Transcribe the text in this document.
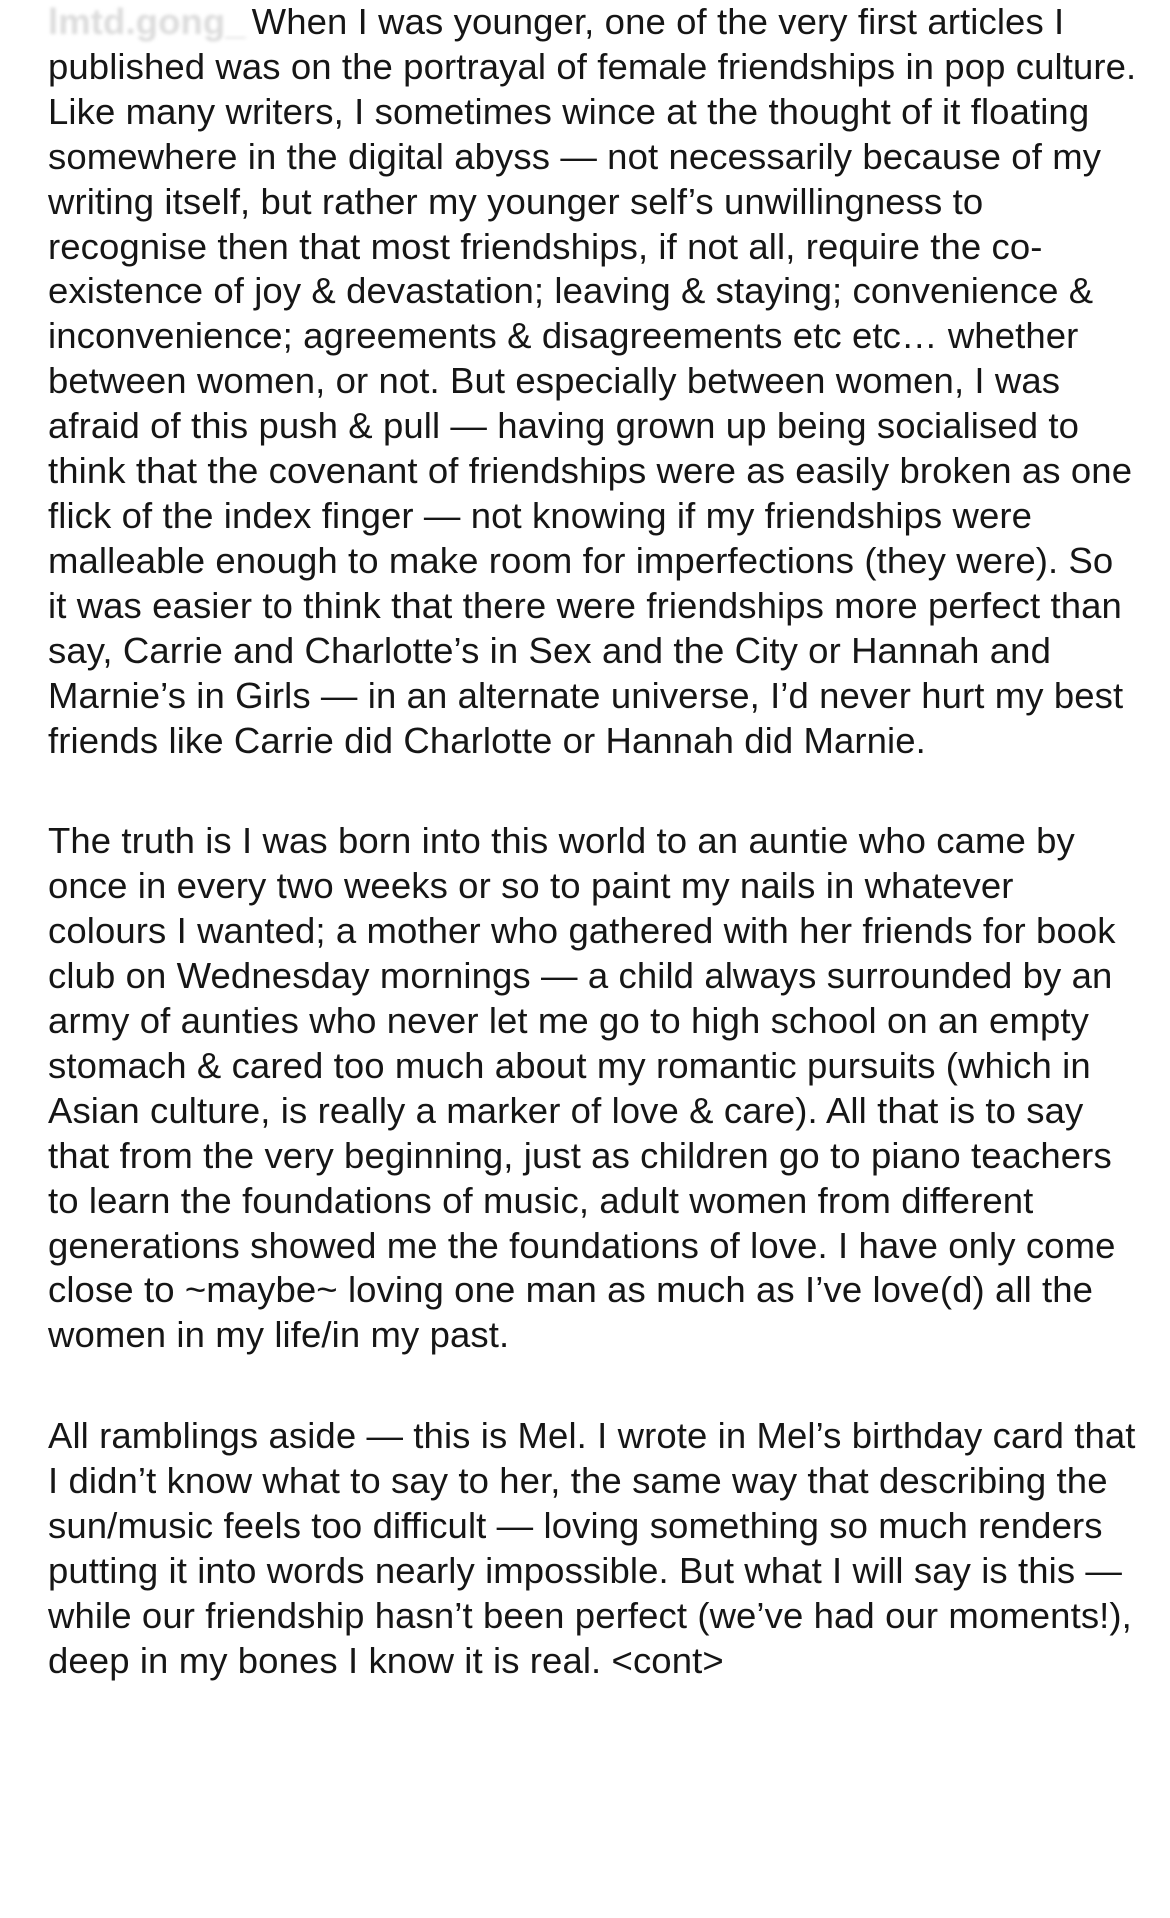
lmtd.gong_ When I was younger, one of the very first articles I published was on the portrayal of female friendships in pop culture. Like many writers, I sometimes wince at the thought of it floating somewhere in the digital abyss — not necessarily because of my writing itself, but rather my younger self’s unwillingness to recognise then that most friendships, if not all, require the co-existence of joy & devastation; leaving & staying; convenience & inconvenience; agreements & disagreements etc etc… whether between women, or not. But especially between women, I was afraid of this push & pull — having grown up being socialised to think that the covenant of friendships were as easily broken as one flick of the index finger — not knowing if my friendships were malleable enough to make room for imperfections (they were). So it was easier to think that there were friendships more perfect than say, Carrie and Charlotte’s in Sex and the City or Hannah and Marnie’s in Girls — in an alternate universe, I’d never hurt my best friends like Carrie did Charlotte or Hannah did Marnie.

The truth is I was born into this world to an auntie who came by once in every two weeks or so to paint my nails in whatever colours I wanted; a mother who gathered with her friends for book club on Wednesday mornings — a child always surrounded by an army of aunties who never let me go to high school on an empty stomach & cared too much about my romantic pursuits (which in Asian culture, is really a marker of love & care). All that is to say that from the very beginning, just as children go to piano teachers to learn the foundations of music, adult women from different generations showed me the foundations of love. I have only come close to ~maybe~ loving one man as much as I’ve love(d) all the women in my life/in my past.

All ramblings aside — this is Mel. I wrote in Mel’s birthday card that I didn’t know what to say to her, the same way that describing the sun/music feels too difficult — loving something so much renders putting it into words nearly impossible. But what I will say is this — while our friendship hasn’t been perfect (we’ve had our moments!), deep in my bones I know it is real. <cont>
